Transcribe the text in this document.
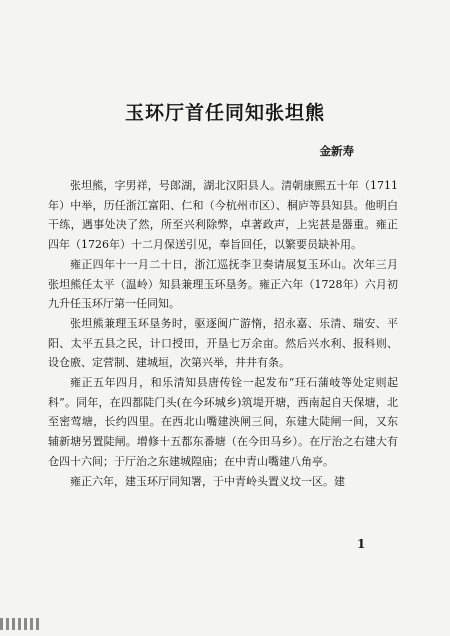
玉环厅首任同知张坦熊
金新寿

张坦熊，字男祥，号郎湖，湖北汉阳县人。清朝康熙五十年（1711年）中举，历任浙江富阳、仁和（今杭州市区）、桐庐等县知县。他明白干练，遇事处决了然，所至兴利除弊，卓著政声，上宪甚是器重。雍正四年（1726年）十二月保送引见，奉旨回任，以繁要员缺补用。

雍正四年十一月二十日，浙江巡抚李卫奏请展复玉环山。次年三月张坦熊任太平（温岭）知县兼理玉环垦务。雍正六年（1728年）六月初九升任玉环厅第一任同知。

张坦熊兼理玉环垦务时，驱逐闽广游惰，招永嘉、乐清、瑞安、平阳、太平五县之民，计口授田，开垦七万余亩。然后兴水利、报科则、设仓廒、定营制、建城垣，次第兴举，井井有条。

雍正五年四月，和乐清知县唐传铨一起发布“玨石蒲岐等处定则起科”。同年，在四都陡门头(在今环城乡)筑堤开塘，西南起自天保塘，北至密莺塘，长约四里。在西北山嘴建泱闸三间，东建大陡闸一间，又东辅新塘另置陡闸。增修十五都东番塘（在今田马乡）。在厅治之右建大有仓四十六间；于厅治之东建城隍庙；在中青山嘴建八角亭。

雍正六年，建玉环厅同知署，于中青岭头置义坟一区。建

1
